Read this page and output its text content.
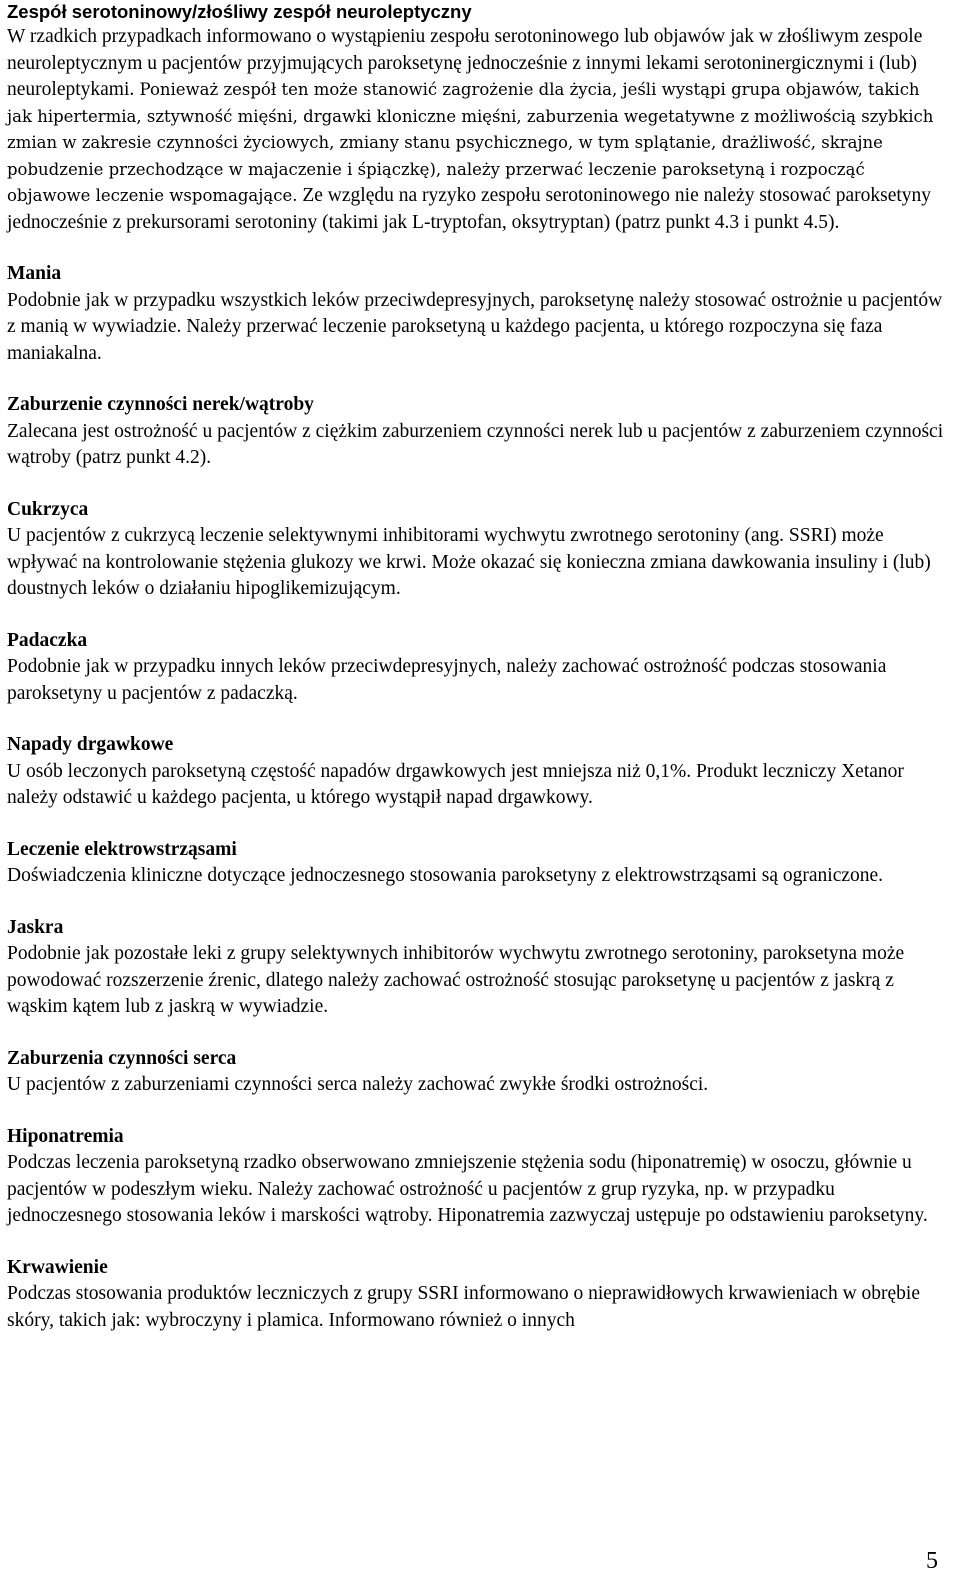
Zespół serotoninowy/złośliwy zespół neuroleptyczny

W rzadkich przypadkach informowano o wystąpieniu zespołu serotoninowego lub objawów jak w złośliwym zespole neuroleptycznym u pacjentów przyjmujących paroksetynę jednocześnie z innymi lekami serotoninergicznymi i (lub) neuroleptykami. Ponieważ zespół ten może stanowić zagrożenie dla życia, jeśli wystąpi grupa objawów, takich jak hipertermia, sztywność mięśni, drgawki kloniczne mięśni, zaburzenia wegetatywne z możliwością szybkich zmian w zakresie czynności życiowych, zmiany stanu psychicznego, w tym splątanie, drażliwość, skrajne pobudzenie przechodzące w majaczenie i śpiączkę), należy przerwać leczenie paroksetyną i rozpocząć objawowe leczenie wspomagające. Ze względu na ryzyko zespołu serotoninowego nie należy stosować paroksetyny jednocześnie z prekursorami serotoniny (takimi jak L-tryptofan, oksytryptan) (patrz punkt 4.3 i punkt 4.5).

Mania

Podobnie jak w przypadku wszystkich leków przeciwdepresyjnych, paroksetynę należy stosować ostrożnie u pacjentów z manią w wywiadzie. Należy przerwać leczenie paroksetyną u każdego pacjenta, u którego rozpoczyna się faza maniakalna.

Zaburzenie czynności nerek/wątroby

Zalecana jest ostrożność u pacjentów z ciężkim zaburzeniem czynności nerek lub u pacjentów z zaburzeniem czynności wątroby (patrz punkt 4.2).

Cukrzyca

U pacjentów z cukrzycą leczenie selektywnymi inhibitorami wychwytu zwrotnego serotoniny (ang. SSRI) może wpływać na kontrolowanie stężenia glukozy we krwi. Może okazać się konieczna zmiana dawkowania insuliny i (lub) doustnych leków o działaniu hipoglikemizującym.

Padaczka

Podobnie jak w przypadku innych leków przeciwdepresyjnych, należy zachować ostrożność podczas stosowania paroksetyny u pacjentów z padaczką.

Napady drgawkowe

U osób leczonych paroksetyną częstość napadów drgawkowych jest mniejsza niż 0,1%. Produkt leczniczy Xetanor należy odstawić u każdego pacjenta, u którego wystąpił napad drgawkowy.

Leczenie elektrowstrząsami

Doświadczenia kliniczne dotyczące jednoczesnego stosowania paroksetyny z elektrowstrząsami są ograniczone.

Jaskra

Podobnie jak pozostałe leki z grupy selektywnych inhibitorów wychwytu zwrotnego serotoniny, paroksetyna może powodować rozszerzenie źrenic, dlatego należy zachować ostrożność stosując paroksetynę u pacjentów z jaskrą z wąskim kątem lub z jaskrą w wywiadzie.

Zaburzenia czynności serca

U pacjentów z zaburzeniami czynności serca należy zachować zwykłe środki ostrożności.

Hiponatremia

Podczas leczenia paroksetyną rzadko obserwowano zmniejszenie stężenia sodu (hiponatremię) w osoczu, głównie u pacjentów w podeszłym wieku. Należy zachować ostrożność u pacjentów z grup ryzyka, np. w przypadku jednoczesnego stosowania leków i marskości wątroby. Hiponatremia zazwyczaj ustępuje po odstawieniu paroksetyny.

Krwawienie

Podczas stosowania produktów leczniczych z grupy SSRI informowano o nieprawidłowych krwawieniach w obrębie skóry, takich jak: wybroczyny i plamica. Informowano również o innych

5
